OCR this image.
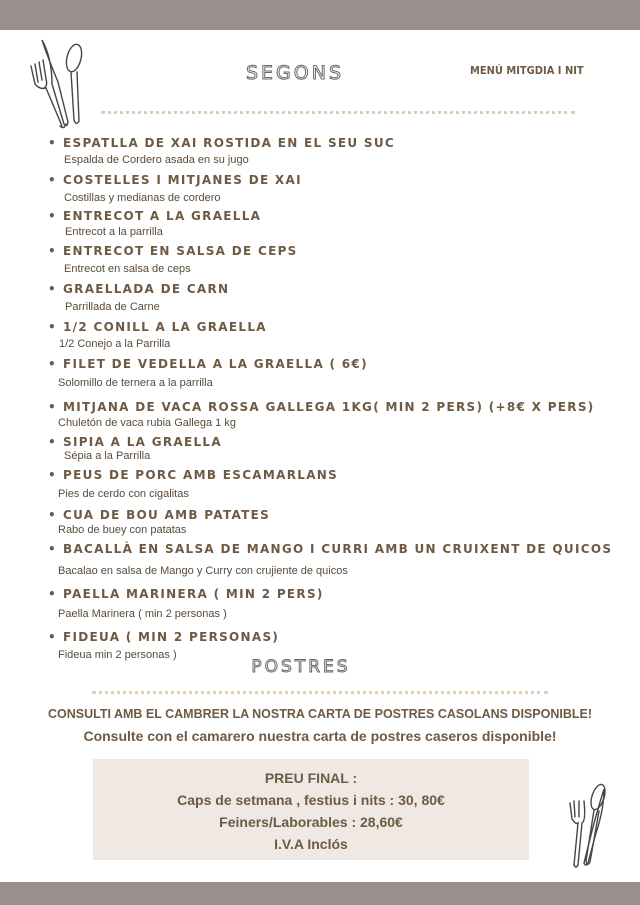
SEGONS	MENÚ MITGDIA I NIT
• ESPATLLA DE XAI ROSTIDA EN EL SEU SUC
Espalda de Cordero asada en su jugo
• COSTELLES I MITJANES DE XAI
Costillas y medianas de cordero
• ENTRECOT A LA GRAELLA
Entrecot a la parrilla
• ENTRECOT EN SALSA DE CEPS
Entrecot en salsa de ceps
• GRAELLADA DE CARN
Parrillada de Carne
• 1/2 CONILL A LA GRAELLA
1/2 Conejo a la Parrilla
• FILET DE VEDELLA A LA GRAELLA ( 6€)
Solomillo de ternera a la parrilla
• MITJANA DE VACA ROSSA GALLEGA 1KG( MIN 2 PERS) (+8€ X PERS)
Chuletón de vaca rubia Gallega 1 kg
• SIPIA A LA GRAELLA
Sépia a la Parrilla
• PEUS DE PORC AMB ESCAMARLANS
Pies de cerdo con cigalitas
• CUA DE BOU AMB PATATES
Rabo de buey con patatas
• BACALLÀ EN SALSA DE MANGO I CURRI AMB UN CRUIXENT DE QUICOS
Bacalao en salsa de Mango y Curry con crujiente de quicos
• PAELLA MARINERA ( MIN 2 PERS)
Paella Marinera ( min 2 personas )
• FIDEUA ( MIN 2 PERSONAS)
Fideua min 2 personas )
POSTRES
CONSULTI AMB EL CAMBRER LA NOSTRA CARTA DE POSTRES CASOLANS DISPONIBLE!
Consulte con el camarero nuestra carta de postres caseros disponible!
PREU FINAL :
Caps de setmana , festius i nits : 30, 80€
Feiners/Laborables : 28,60€
I.V.A Inclós
